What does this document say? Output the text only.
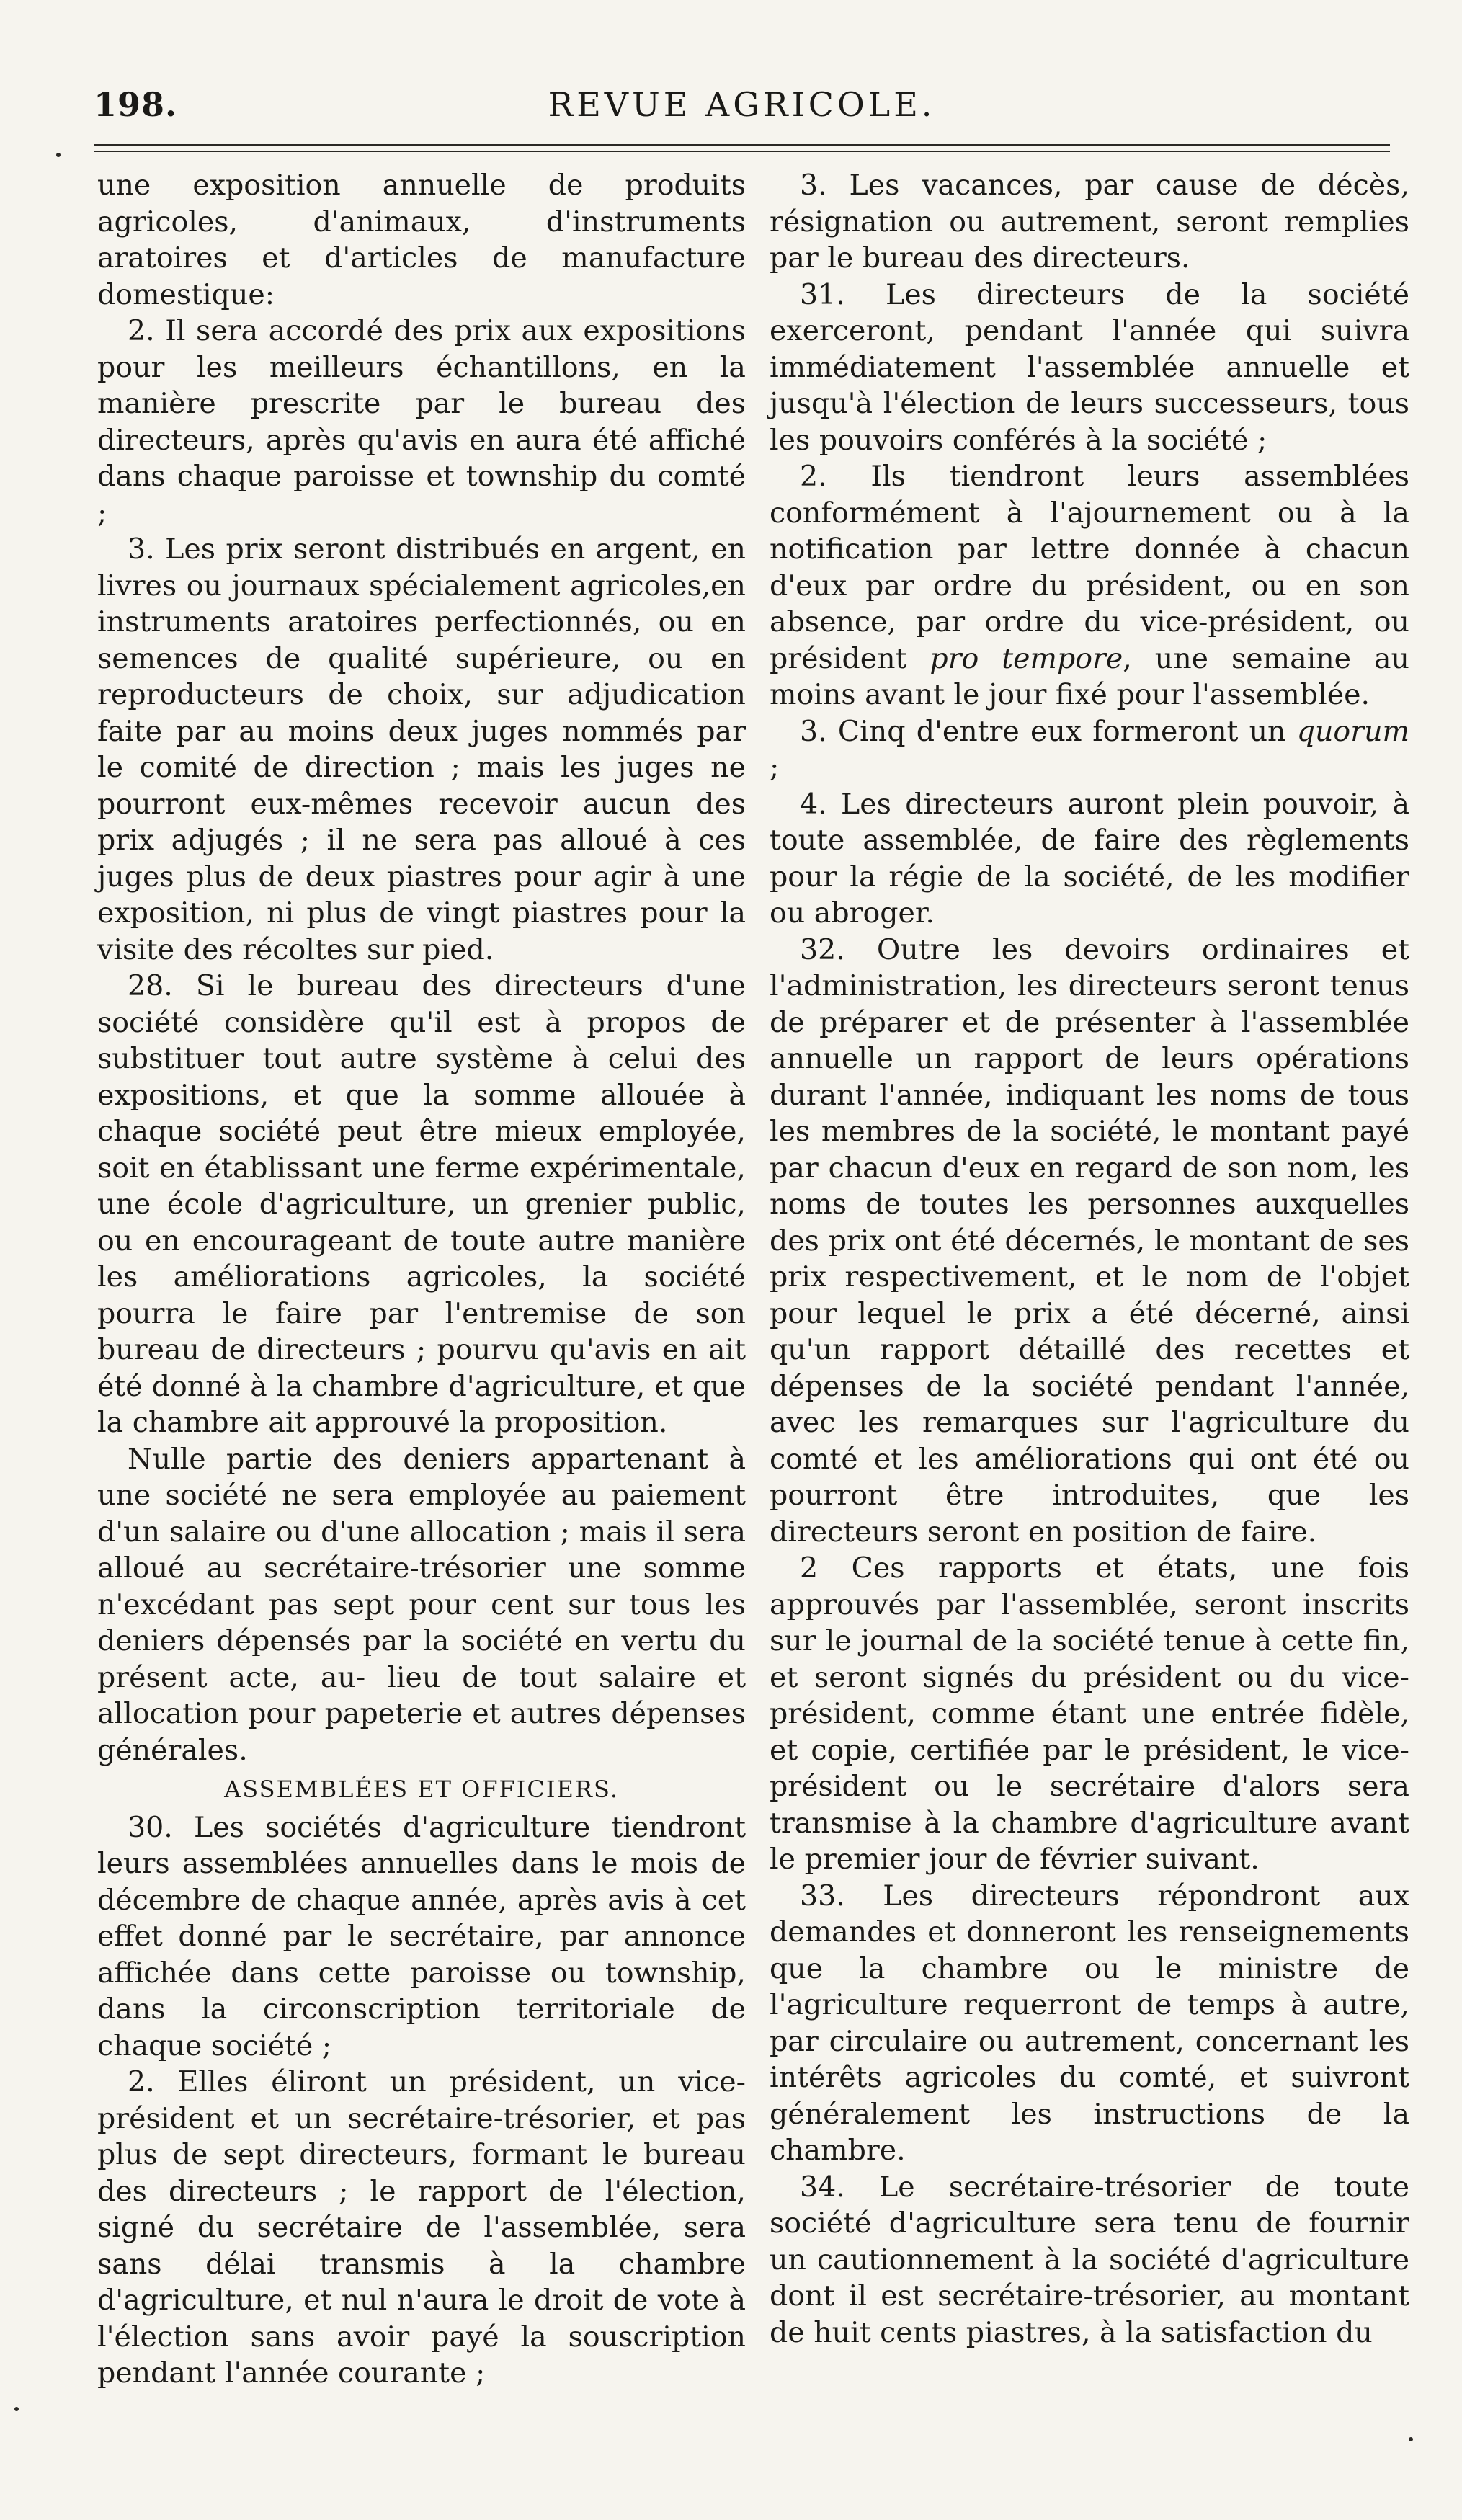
198.	REVUE AGRICOLE.

une exposition annuelle de produits agricoles, d'animaux, d'instruments aratoires et d'articles de manufacture domestique:

2. Il sera accordé des prix aux expositions pour les meilleurs échantillons, en la manière prescrite par le bureau des directeurs, après qu'avis en aura été affiché dans chaque paroisse et township du comté ;

3. Les prix seront distribués en argent, en livres ou journaux spécialement agricoles,en instruments aratoires perfectionnés, ou en semences de qualité supérieure, ou en reproducteurs de choix, sur adjudication faite par au moins deux juges nommés par le comité de direction ; mais les juges ne pourront eux-mêmes recevoir aucun des prix adjugés ; il ne sera pas alloué à ces juges plus de deux piastres pour agir à une exposition, ni plus de vingt piastres pour la visite des récoltes sur pied.

28. Si le bureau des directeurs d'une société considère qu'il est à propos de substituer tout autre système à celui des expositions, et que la somme allouée à chaque société peut être mieux employée, soit en établissant une ferme expérimentale, une école d'agriculture, un grenier public, ou en encourageant de toute autre manière les améliorations agricoles, la société pourra le faire par l'entremise de son bureau de directeurs ; pourvu qu'avis en ait été donné à la chambre d'agriculture, et que la chambre ait approuvé la proposition.

Nulle partie des deniers appartenant à une société ne sera employée au paiement d'un salaire ou d'une allocation ; mais il sera alloué au secrétaire-trésorier une somme n'excédant pas sept pour cent sur tous les deniers dépensés par la société en vertu du présent acte, au- lieu de tout salaire et allocation pour papeterie et autres dépenses générales.

ASSEMBLÉES ET OFFICIERS.

30. Les sociétés d'agriculture tiendront leurs assemblées annuelles dans le mois de décembre de chaque année, après avis à cet effet donné par le secrétaire, par annonce affichée dans cette paroisse ou township, dans la circonscription territoriale de chaque société ;

2. Elles éliront un président, un vice-président et un secrétaire-trésorier, et pas plus de sept directeurs, formant le bureau des directeurs ; le rapport de l'élection, signé du secrétaire de l'assemblée, sera sans délai transmis à la chambre d'agriculture, et nul n'aura le droit de vote à l'élection sans avoir payé la souscription pendant l'année courante ;

3. Les vacances, par cause de décès, résignation ou autrement, seront remplies par le bureau des directeurs.

31. Les directeurs de la société exerceront, pendant l'année qui suivra immédiatement l'assemblée annuelle et jusqu'à l'élection de leurs successeurs, tous les pouvoirs conférés à la société ;

2. Ils tiendront leurs assemblées conformément à l'ajournement ou à la notification par lettre donnée à chacun d'eux par ordre du président, ou en son absence, par ordre du vice-président, ou président pro tempore, une semaine au moins avant le jour fixé pour l'assemblée.

3. Cinq d'entre eux formeront un quorum ;

4. Les directeurs auront plein pouvoir, à toute assemblée, de faire des règlements pour la régie de la société, de les modifier ou abroger.

32. Outre les devoirs ordinaires et l'administration, les directeurs seront tenus de préparer et de présenter à l'assemblée annuelle un rapport de leurs opérations durant l'année, indiquant les noms de tous les membres de la société, le montant payé par chacun d'eux en regard de son nom, les noms de toutes les personnes auxquelles des prix ont été décernés, le montant de ses prix respectivement, et le nom de l'objet pour lequel le prix a été décerné, ainsi qu'un rapport détaillé des recettes et dépenses de la société pendant l'année, avec les remarques sur l'agriculture du comté et les améliorations qui ont été ou pourront être introduites, que les directeurs seront en position de faire.

2 Ces rapports et états, une fois approuvés par l'assemblée, seront inscrits sur le journal de la société tenue à cette fin, et seront signés du président ou du vice-président, comme étant une entrée fidèle, et copie, certifiée par le président, le vice-président ou le secrétaire d'alors sera transmise à la chambre d'agriculture avant le premier jour de février suivant.

33. Les directeurs répondront aux demandes et donneront les renseignements que la chambre ou le ministre de l'agriculture requerront de temps à autre, par circulaire ou autrement, concernant les intérêts agricoles du comté, et suivront généralement les instructions de la chambre.

34. Le secrétaire-trésorier de toute société d'agriculture sera tenu de fournir un cautionnement à la société d'agriculture dont il est secrétaire-trésorier, au montant de huit cents piastres, à la satisfaction du
